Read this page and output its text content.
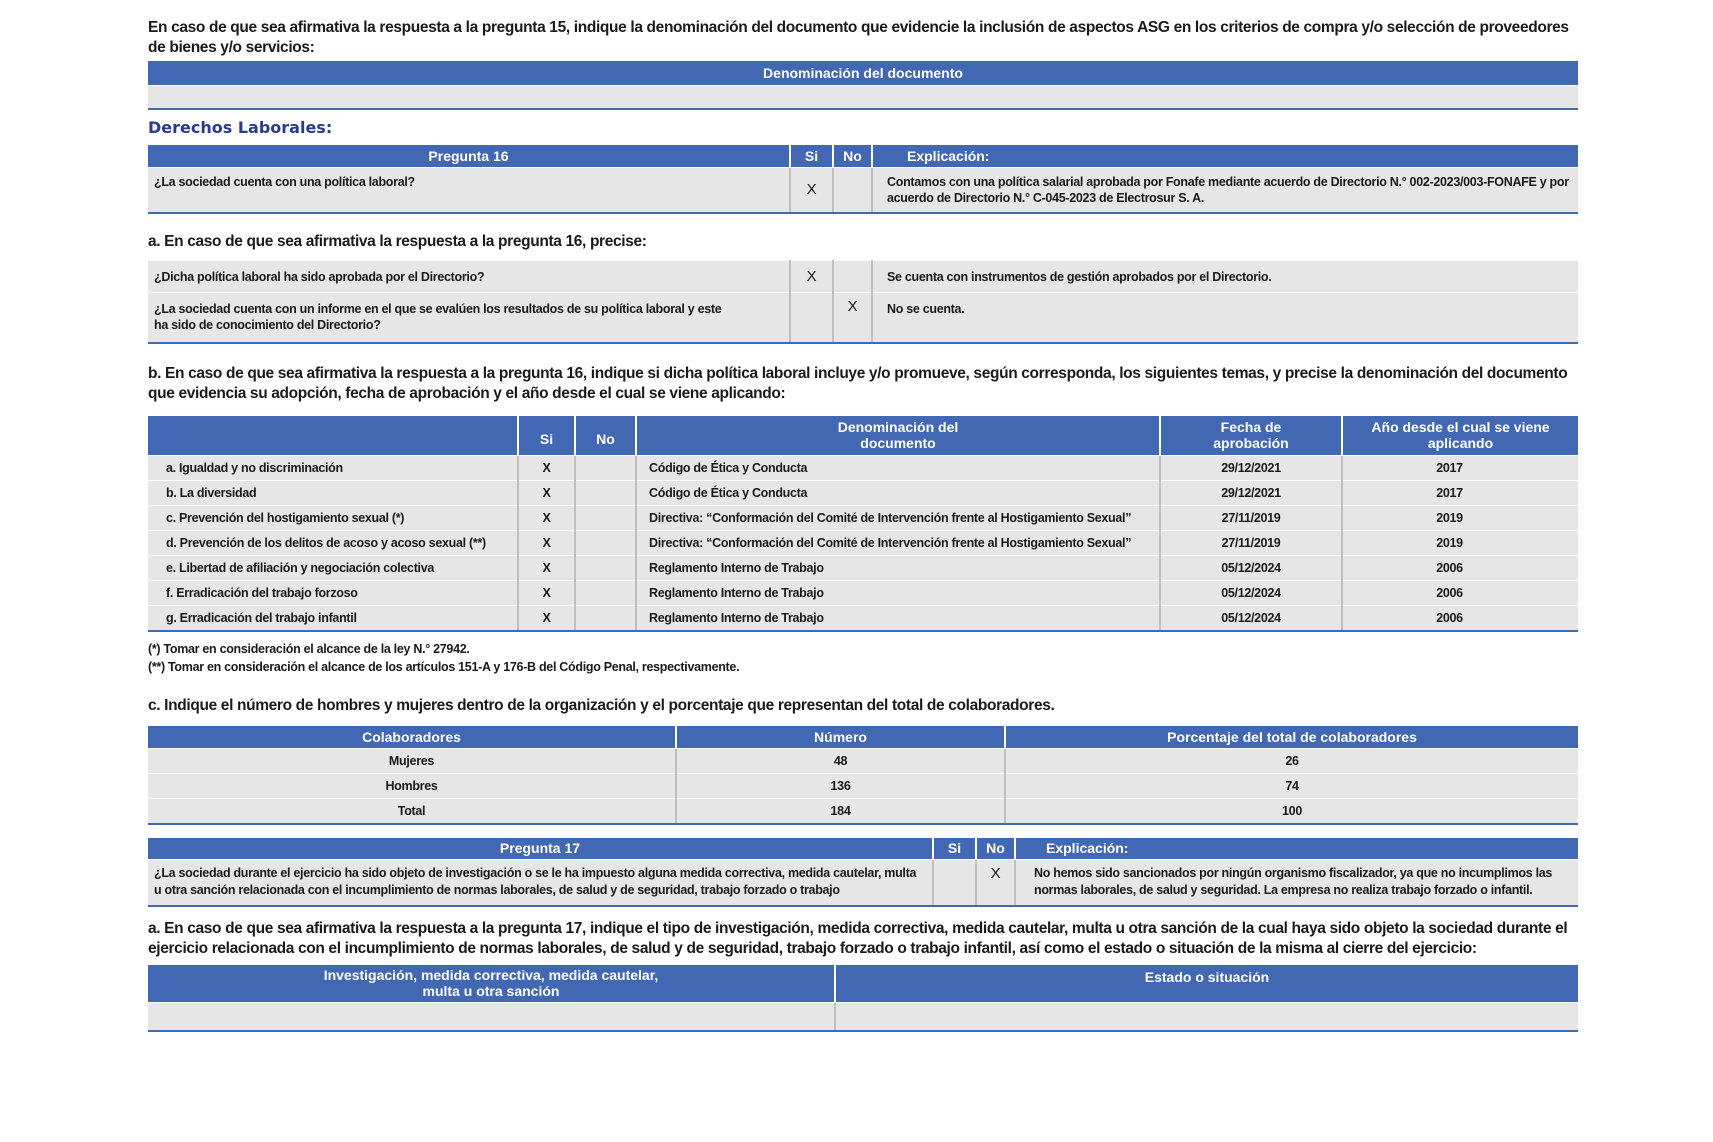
En caso de que sea afirmativa la respuesta a la pregunta 15, indique la denominación del documento que evidencie la inclusión de aspectos ASG en los criterios de compra y/o selección de proveedores de bienes y/o servicios:

Denominación del documento

Derechos Laborales:

Pregunta 16	Si	No	Explicación:
¿La sociedad cuenta con una política laboral?	X		Contamos con una política salarial aprobada por Fonafe mediante acuerdo de Directorio N.° 002-2023/003-FONAFE y por acuerdo de Directorio N.° C-045-2023 de Electrosur S. A.

a. En caso de que sea afirmativa la respuesta a la pregunta 16, precise:

¿Dicha política laboral ha sido aprobada por el Directorio?	X		Se cuenta con instrumentos de gestión aprobados por el Directorio.
¿La sociedad cuenta con un informe en el que se evalúen los resultados de su política laboral y este ha sido de conocimiento del Directorio?		X	No se cuenta.

b. En caso de que sea afirmativa la respuesta a la pregunta 16, indique si dicha política laboral incluye y/o promueve, según corresponda, los siguientes temas, y precise la denominación del documento que evidencia su adopción, fecha de aprobación y el año desde el cual se viene aplicando:

	Si	No	Denominación del documento	Fecha de aprobación	Año desde el cual se viene aplicando
a. Igualdad y no discriminación	X		Código de Ética y Conducta	29/12/2021	2017
b. La diversidad	X		Código de Ética y Conducta	29/12/2021	2017
c. Prevención del hostigamiento sexual (*)	X		Directiva: “Conformación del Comité de Intervención frente al Hostigamiento Sexual”	27/11/2019	2019
d. Prevención de los delitos de acoso y acoso sexual (**)	X		Directiva: “Conformación del Comité de Intervención frente al Hostigamiento Sexual”	27/11/2019	2019
e. Libertad de afiliación y negociación colectiva	X		Reglamento Interno de Trabajo	05/12/2024	2006
f. Erradicación del trabajo forzoso	X		Reglamento Interno de Trabajo	05/12/2024	2006
g. Erradicación del trabajo infantil	X		Reglamento Interno de Trabajo	05/12/2024	2006

(*) Tomar en consideración el alcance de la ley N.° 27942.

(**) Tomar en consideración el alcance de los artículos 151-A y 176-B del Código Penal, respectivamente.

c. Indique el número de hombres y mujeres dentro de la organización y el porcentaje que representan del total de colaboradores.

Colaboradores	Número	Porcentaje del total de colaboradores
Mujeres	48	26
Hombres	136	74
Total	184	100
Pregunta 17	Si	No	Explicación:
¿La sociedad durante el ejercicio ha sido objeto de investigación o se le ha impuesto alguna medida correctiva, medida cautelar, multa u otra sanción relacionada con el incumplimiento de normas laborales, de salud y de seguridad, trabajo forzado o trabajo		X	No hemos sido sancionados por ningún organismo fiscalizador, ya que no incumplimos las normas laborales, de salud y seguridad. La empresa no realiza trabajo forzado o infantil.

a. En caso de que sea afirmativa la respuesta a la pregunta 17, indique el tipo de investigación, medida correctiva, medida cautelar, multa u otra sanción de la cual haya sido objeto la sociedad durante el ejercicio relacionada con el incumplimiento de normas laborales, de salud y de seguridad, trabajo forzado o trabajo infantil, así como el estado o situación de la misma al cierre del ejercicio:

Investigación, medida correctiva, medida cautelar, multa u otra sanción	Estado o situación
